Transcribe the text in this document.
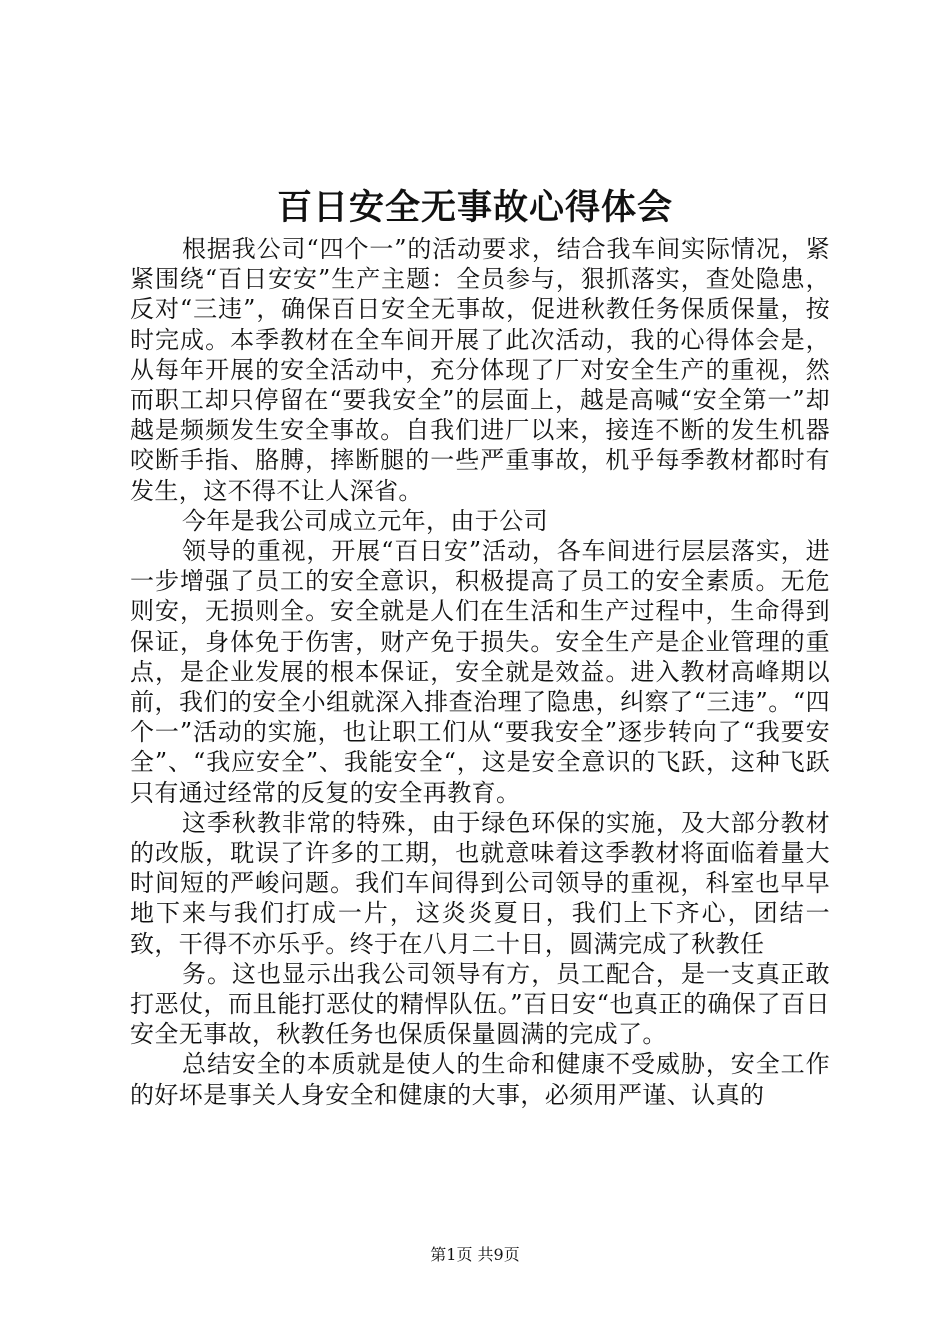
百日安全无事故心得体会

根据我公司“四个一”的活动要求，结合我车间实际情况，紧紧围绕“百日安安”生产主题：全员参与，狠抓落实，查处隐患，反对“三违”，确保百日安全无事故，促进秋教任务保质保量，按时完成。本季教材在全车间开展了此次活动，我的心得体会是，从每年开展的安全活动中，充分体现了厂对安全生产的重视，然而职工却只停留在“要我安全”的层面上，越是高喊“安全第一”却越是频频发生安全事故。自我们进厂以来，接连不断的发生机器咬断手指、胳膊，摔断腿的一些严重事故，机乎每季教材都时有发生，这不得不让人深省。

今年是我公司成立元年，由于公司

领导的重视，开展“百日安”活动，各车间进行层层落实，进一步增强了员工的安全意识，积极提高了员工的安全素质。无危则安，无损则全。安全就是人们在生活和生产过程中，生命得到保证，身体免于伤害，财产免于损失。安全生产是企业管理的重点，是企业发展的根本保证，安全就是效益。进入教材高峰期以前，我们的安全小组就深入排查治理了隐患，纠察了“三违”。“四个一”活动的实施，也让职工们从“要我安全”逐步转向了“我要安全”、“我应安全”、我能安全“，这是安全意识的飞跃，这种飞跃只有通过经常的反复的安全再教育。

这季秋教非常的特殊，由于绿色环保的实施，及大部分教材的改版，耽误了许多的工期，也就意味着这季教材将面临着量大时间短的严峻问题。我们车间得到公司领导的重视，科室也早早地下来与我们打成一片，这炎炎夏日，我们上下齐心，团结一致，干得不亦乐乎。终于在八月二十日，圆满完成了秋教任

务。这也显示出我公司领导有方，员工配合，是一支真正敢打恶仗，而且能打恶仗的精悍队伍。”百日安“也真正的确保了百日安全无事故，秋教任务也保质保量圆满的完成了。

总结安全的本质就是使人的生命和健康不受威胁，安全工作的好坏是事关人身安全和健康的大事，必须用严谨、认真的

第1页 共9页
